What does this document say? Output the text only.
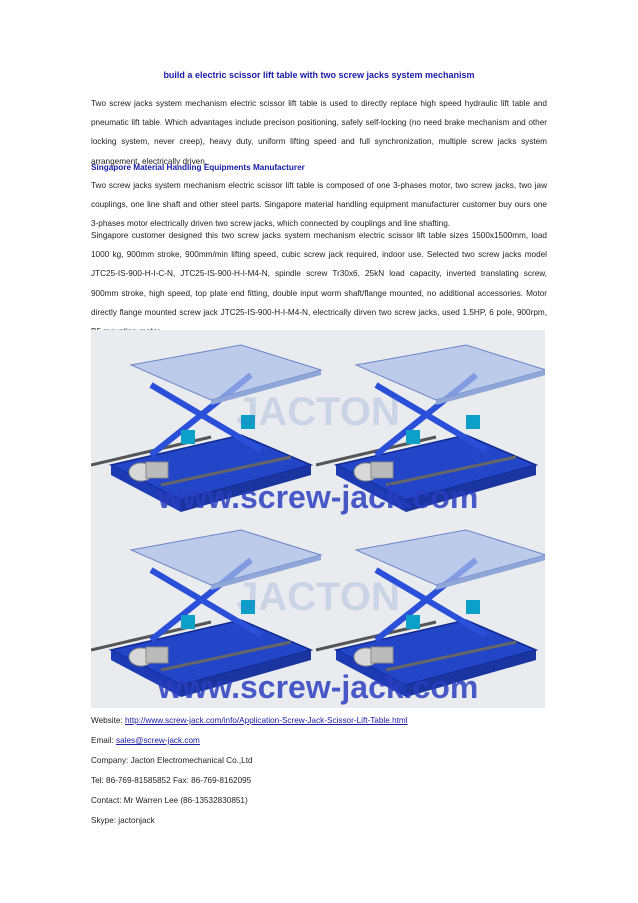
build a electric scissor lift table with two screw jacks system mechanism
Two screw jacks system mechanism electric scissor lift table is used to directly replace high speed hydraulic lift table and pneumatic lift table. Which advantages include precison positioning, safely self-locking (no need brake mechanism and other locking system, never creep), heavy duty, uniform lifting speed and full synchronization, multiple screw jacks system arrangement, electrically driven.
Singapore Material Handling Equipments Manufacturer
Two screw jacks system mechanism electric scissor lift table is composed of one 3-phases motor, two screw jacks, two jaw couplings, one line shaft and other steel parts. Singapore material handling equipment manufacturer customer buy ours one 3-phases motor electrically driven two screw jacks, which connected by couplings and line shafting.
Singapore customer designed this two screw jacks system mechanism electric scissor lift table sizes 1500x1500mm, load 1000 kg, 900mm stroke, 900mm/min lifting speed, cubic screw jack required, indoor use. Selected two screw jacks model JTC25-IS-900-H-I-C-N, JTC25-IS-900-H-I-M4-N, spindle screw Tr30x6, 25kN load capacity, inverted translating screw, 900mm stroke, high speed, top plate end fitting, double input worm shaft/flange mounted, no additional accessories. Motor directly flange mounted screw jack JTC25-IS-900-H-I-M4-N, electrically dirven two screw jacks, used 1.5HP, 6 pole, 900rpm,
JACTON
JACTON
www.screw-jack.com
www.screw-jack.com
Website: http://www.screw-jack.com/info/Application-Screw-Jack-Scissor-Lift-Table.html
Email: sales@screw-jack.com
Company: Jacton Electromechanical Co.,Ltd
Tel: 86-769-81585852 Fax: 86-769-8162095
Contact: Mr Warren Lee (86-13532830851)
Skype: jactonjack
